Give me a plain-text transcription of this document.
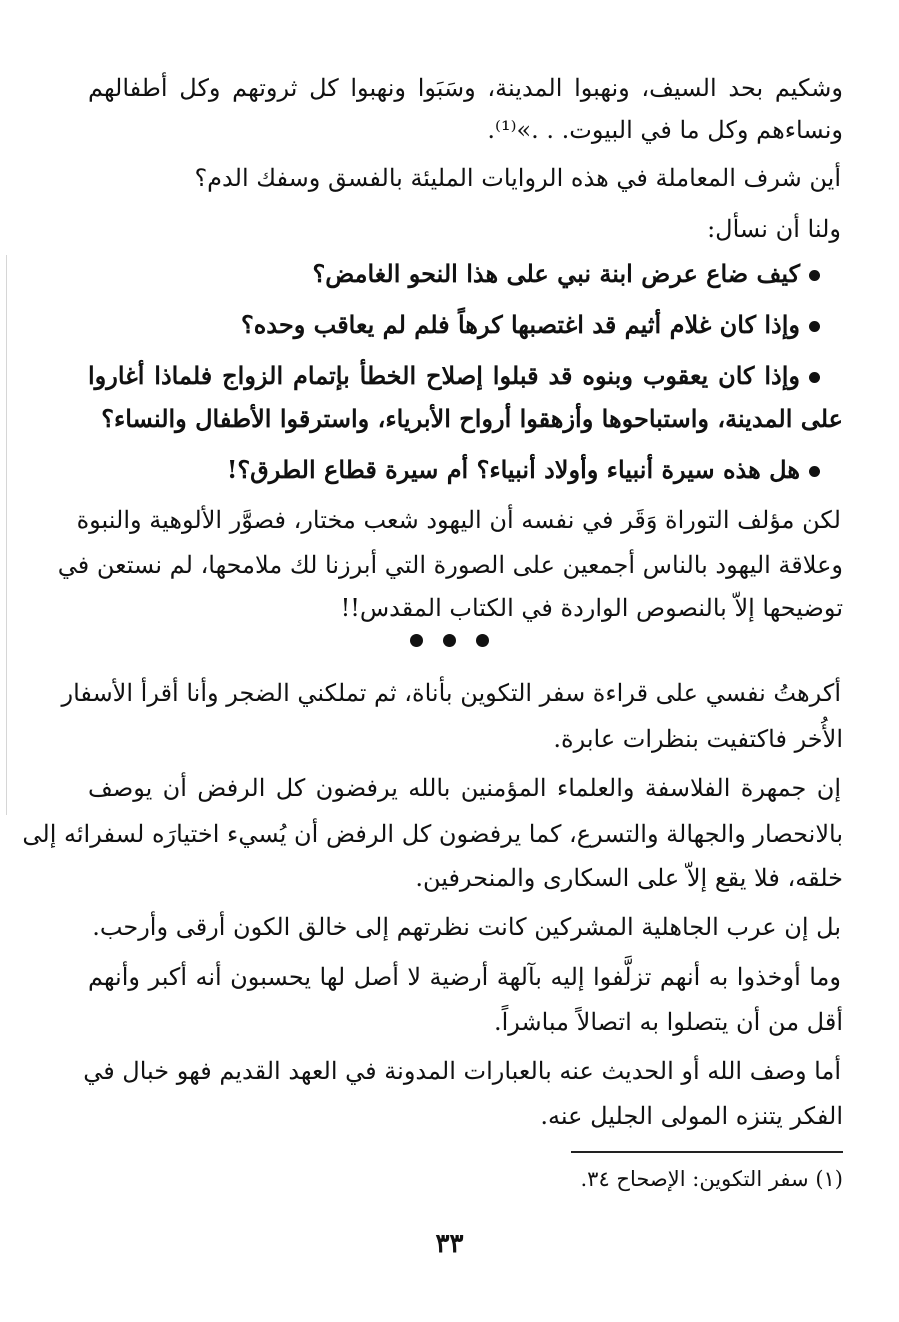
وشكيم بحد السيف، ونهبوا المدينة، وسَبَوا ونهبوا كل ثروتهم وكل أطفالهم
ونساءهم وكل ما في البيوت. . .»⁽¹⁾.
أين شرف المعاملة في هذه الروايات المليئة بالفسق وسفك الدم؟
ولنا أن نسأل:
كيف ضاع عرض ابنة نبي على هذا النحو الغامض؟
وإذا كان غلام أثيم قد اغتصبها كرهاً فلم لم يعاقب وحده؟
وإذا كان يعقوب وبنوه قد قبلوا إصلاح الخطأ بإتمام الزواج فلماذا أغاروا
على المدينة، واستباحوها وأزهقوا أرواح الأبرياء، واسترقوا الأطفال والنساء؟
هل هذه سيرة أنبياء وأولاد أنبياء؟ أم سيرة قطاع الطرق؟!
لكن مؤلف التوراة وَقَر في نفسه أن اليهود شعب مختار، فصوَّر الألوهية والنبوة
وعلاقة اليهود بالناس أجمعين على الصورة التي أبرزنا لك ملامحها، لم نستعن في
توضيحها إلاّ بالنصوص الواردة في الكتاب المقدس!!
أكرهتُ نفسي على قراءة سفر التكوين بأناة، ثم تملكني الضجر وأنا أقرأ الأسفار
الأُخر فاكتفيت بنظرات عابرة.
إن جمهرة الفلاسفة والعلماء المؤمنين بالله يرفضون كل الرفض أن يوصف
بالانحصار والجهالة والتسرع، كما يرفضون كل الرفض أن يُسيء اختيارَه لسفرائه إلى
خلقه، فلا يقع إلاّ على السكارى والمنحرفين.
بل إن عرب الجاهلية المشركين كانت نظرتهم إلى خالق الكون أرقى وأرحب.
وما أوخذوا به أنهم تزلَّفوا إليه بآلهة أرضية لا أصل لها يحسبون أنه أكبر وأنهم
أقل من أن يتصلوا به اتصالاً مباشراً.
أما وصف الله أو الحديث عنه بالعبارات المدونة في العهد القديم فهو خبال في
الفكر يتنزه المولى الجليل عنه.
(١) سفر التكوين: الإصحاح ٣٤.
٣٣
